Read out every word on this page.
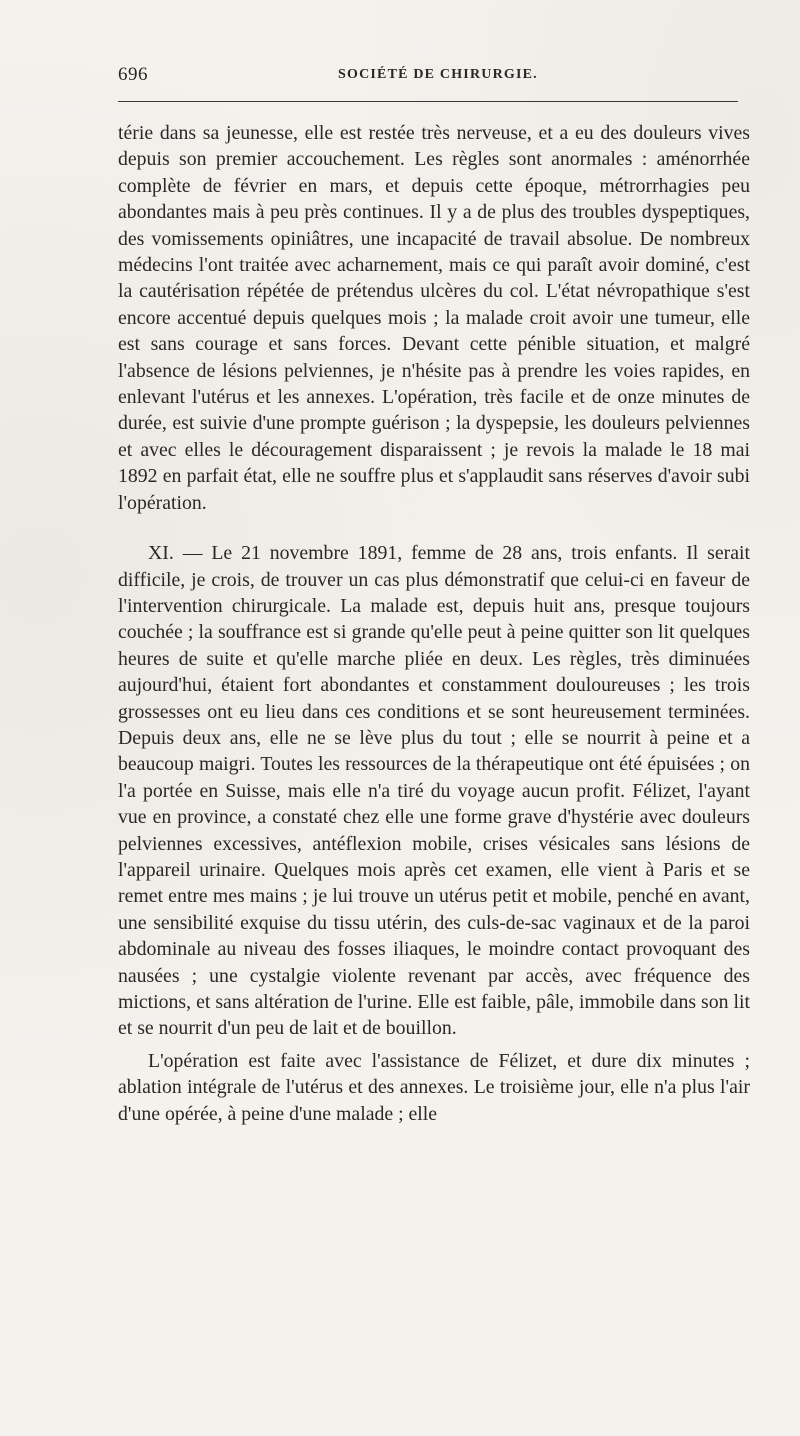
696	SOCIÉTÉ DE CHIRURGIE.

térie dans sa jeunesse, elle est restée très nerveuse, et a eu des douleurs vives depuis son premier accouchement. Les règles sont anormales : aménorrhée complète de février en mars, et depuis cette époque, métrorrhagies peu abondantes mais à peu près continues. Il y a de plus des troubles dyspeptiques, des vomissements opiniâtres, une incapacité de travail absolue. De nombreux médecins l'ont traitée avec acharnement, mais ce qui paraît avoir dominé, c'est la cautérisation répétée de prétendus ulcères du col. L'état névropathique s'est encore accentué depuis quelques mois ; la malade croit avoir une tumeur, elle est sans courage et sans forces. Devant cette pénible situation, et malgré l'absence de lésions pelviennes, je n'hésite pas à prendre les voies rapides, en enlevant l'utérus et les annexes. L'opération, très facile et de onze minutes de durée, est suivie d'une prompte guérison ; la dyspepsie, les douleurs pelviennes et avec elles le découragement disparaissent ; je revois la malade le 18 mai 1892 en parfait état, elle ne souffre plus et s'applaudit sans réserves d'avoir subi l'opération.

XI. — Le 21 novembre 1891, femme de 28 ans, trois enfants. Il serait difficile, je crois, de trouver un cas plus démonstratif que celui-ci en faveur de l'intervention chirurgicale. La malade est, depuis huit ans, presque toujours couchée ; la souffrance est si grande qu'elle peut à peine quitter son lit quelques heures de suite et qu'elle marche pliée en deux. Les règles, très diminuées aujourd'hui, étaient fort abondantes et constamment douloureuses ; les trois grossesses ont eu lieu dans ces conditions et se sont heureusement terminées. Depuis deux ans, elle ne se lève plus du tout ; elle se nourrit à peine et a beaucoup maigri. Toutes les ressources de la thérapeutique ont été épuisées ; on l'a portée en Suisse, mais elle n'a tiré du voyage aucun profit. Félizet, l'ayant vue en province, a constaté chez elle une forme grave d'hystérie avec douleurs pelviennes excessives, antéflexion mobile, crises vésicales sans lésions de l'appareil urinaire. Quelques mois après cet examen, elle vient à Paris et se remet entre mes mains ; je lui trouve un utérus petit et mobile, penché en avant, une sensibilité exquise du tissu utérin, des culs-de-sac vaginaux et de la paroi abdominale au niveau des fosses iliaques, le moindre contact provoquant des nausées ; une cystalgie violente revenant par accès, avec fréquence des mictions, et sans altération de l'urine. Elle est faible, pâle, immobile dans son lit et se nourrit d'un peu de lait et de bouillon.

L'opération est faite avec l'assistance de Félizet, et dure dix minutes ; ablation intégrale de l'utérus et des annexes. Le troisième jour, elle n'a plus l'air d'une opérée, à peine d'une malade ; elle
